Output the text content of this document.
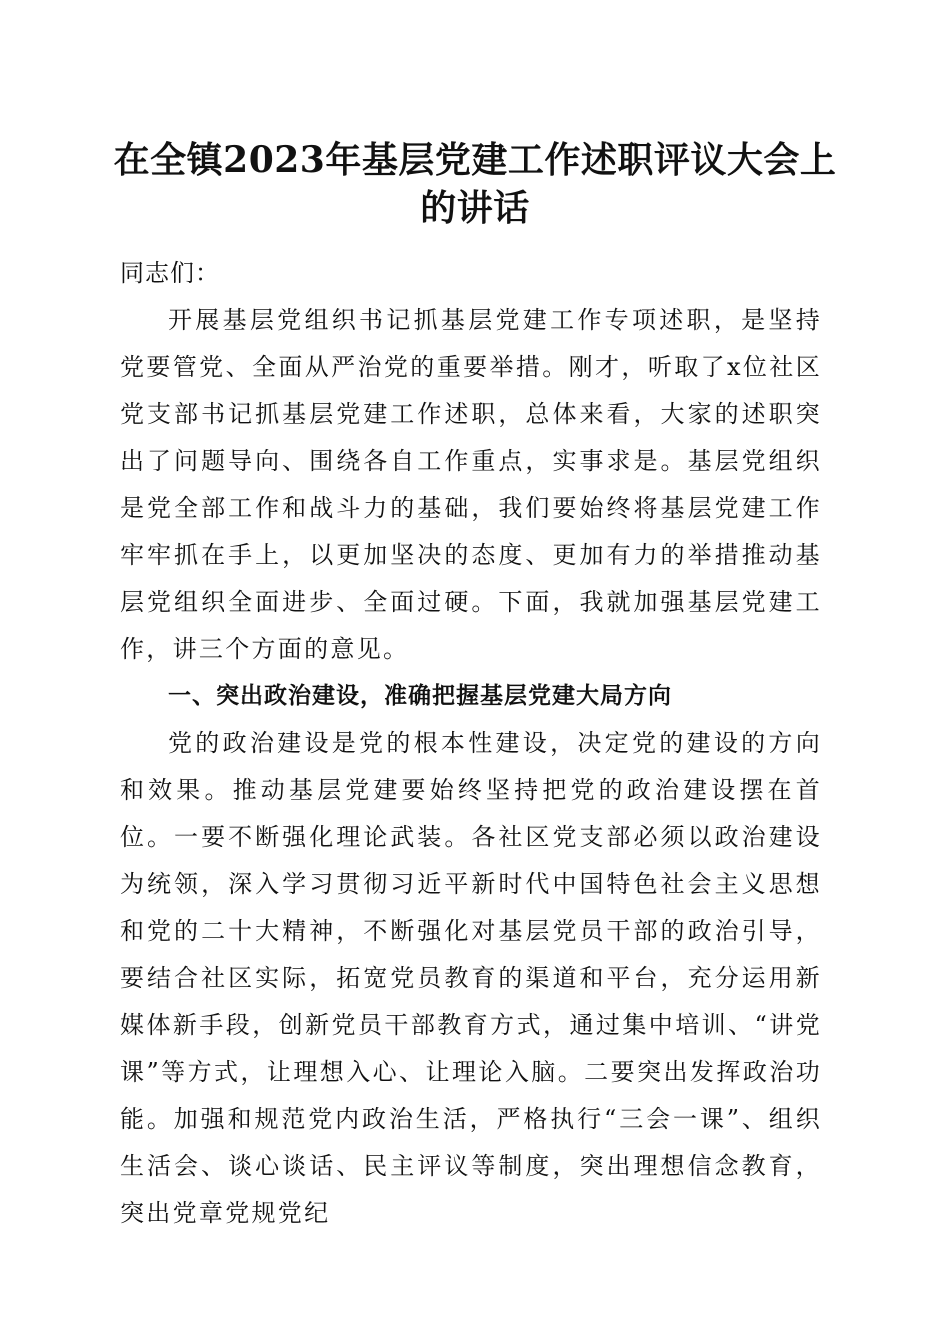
在全镇2023年基层党建工作述职评议大会上
的讲话

同志们：

开展基层党组织书记抓基层党建工作专项述职，是坚持党要管党、全面从严治党的重要举措。刚才，听取了x位社区党支部书记抓基层党建工作述职，总体来看，大家的述职突出了问题导向、围绕各自工作重点，实事求是。基层党组织是党全部工作和战斗力的基础，我们要始终将基层党建工作牢牢抓在手上，以更加坚决的态度、更加有力的举措推动基层党组织全面进步、全面过硬。下面，我就加强基层党建工作，讲三个方面的意见。

一、突出政治建设，准确把握基层党建大局方向

党的政治建设是党的根本性建设，决定党的建设的方向和效果。推动基层党建要始终坚持把党的政治建设摆在首位。一要不断强化理论武装。各社区党支部必须以政治建设为统领，深入学习贯彻习近平新时代中国特色社会主义思想和党的二十大精神，不断强化对基层党员干部的政治引导，要结合社区实际，拓宽党员教育的渠道和平台，充分运用新媒体新手段，创新党员干部教育方式，通过集中培训、“讲党课”等方式，让理想入心、让理论入脑。二要突出发挥政治功能。加强和规范党内政治生活，严格执行“三会一课”、组织生活会、谈心谈话、民主评议等制度，突出理想信念教育，突出党章党规党纪
